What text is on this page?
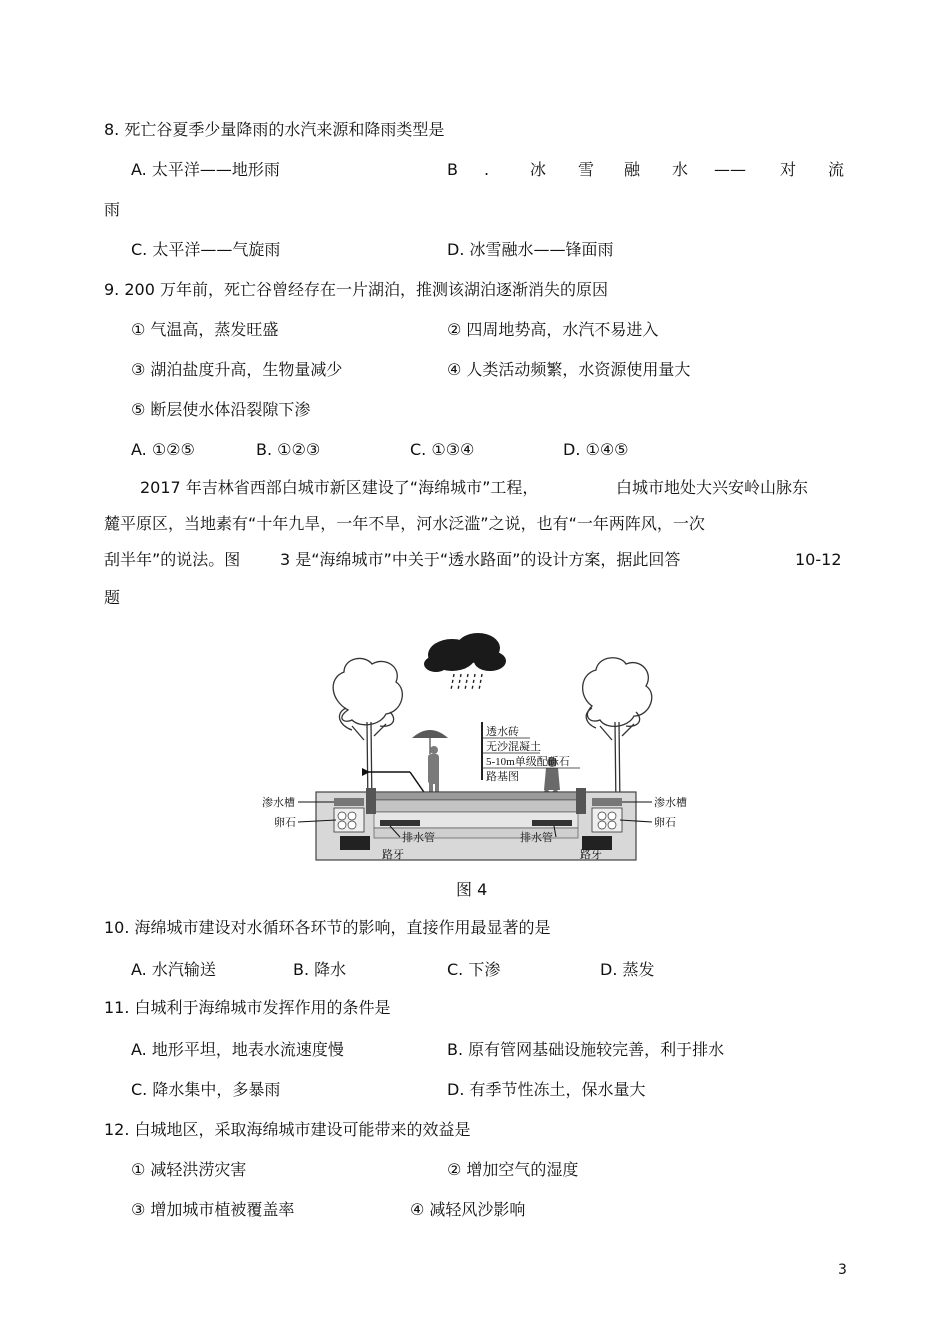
8. 死亡谷夏季少量降雨的水汽来源和降雨类型是
A. 太平洋——地形雨	B .	冰 雪 融 水 —— 对 流
雨
C. 太平洋——气旋雨	D. 冰雪融水——锋面雨
9. 200 万年前，死亡谷曾经存在一片湖泊，推测该湖泊逐渐消失的原因
① 气温高，蒸发旺盛	② 四周地势高，水汽不易进入
③ 湖泊盐度升高，生物量减少	④ 人类活动频繁，水资源使用量大
⑤ 断层使水体沿裂隙下渗
A. ①②⑤	B. ①②③	C. ①③④	D. ①④⑤
2017 年吉林省西部白城市新区建设了“海绵城市”工程，	白城市地处大兴安岭山脉东
麓平原区，当地素有“十年九旱，一年不旱，河水泛滥”之说，也有“一年两阵风，一次
刮半年”的说法。图 3 是“海绵城市”中关于“透水路面”的设计方案，据此回答	10-12
题
透水砖
无沙混凝土
5-10m单级配砾石
路基图
渗水槽
卵石
渗水槽
卵石
排水管	排水管
路牙	路牙
图 4
10. 海绵城市建设对水循环各环节的影响，直接作用最显著的是
A. 水汽输送	B. 降水	C. 下渗	D. 蒸发
11. 白城利于海绵城市发挥作用的条件是
A. 地形平坦，地表水流速度慢	B. 原有管网基础设施较完善，利于排水
C. 降水集中，多暴雨	D. 有季节性冻土，保水量大
12. 白城地区，采取海绵城市建设可能带来的效益是
① 减轻洪涝灾害	② 增加空气的湿度
③ 增加城市植被覆盖率	④ 减轻风沙影响
3
